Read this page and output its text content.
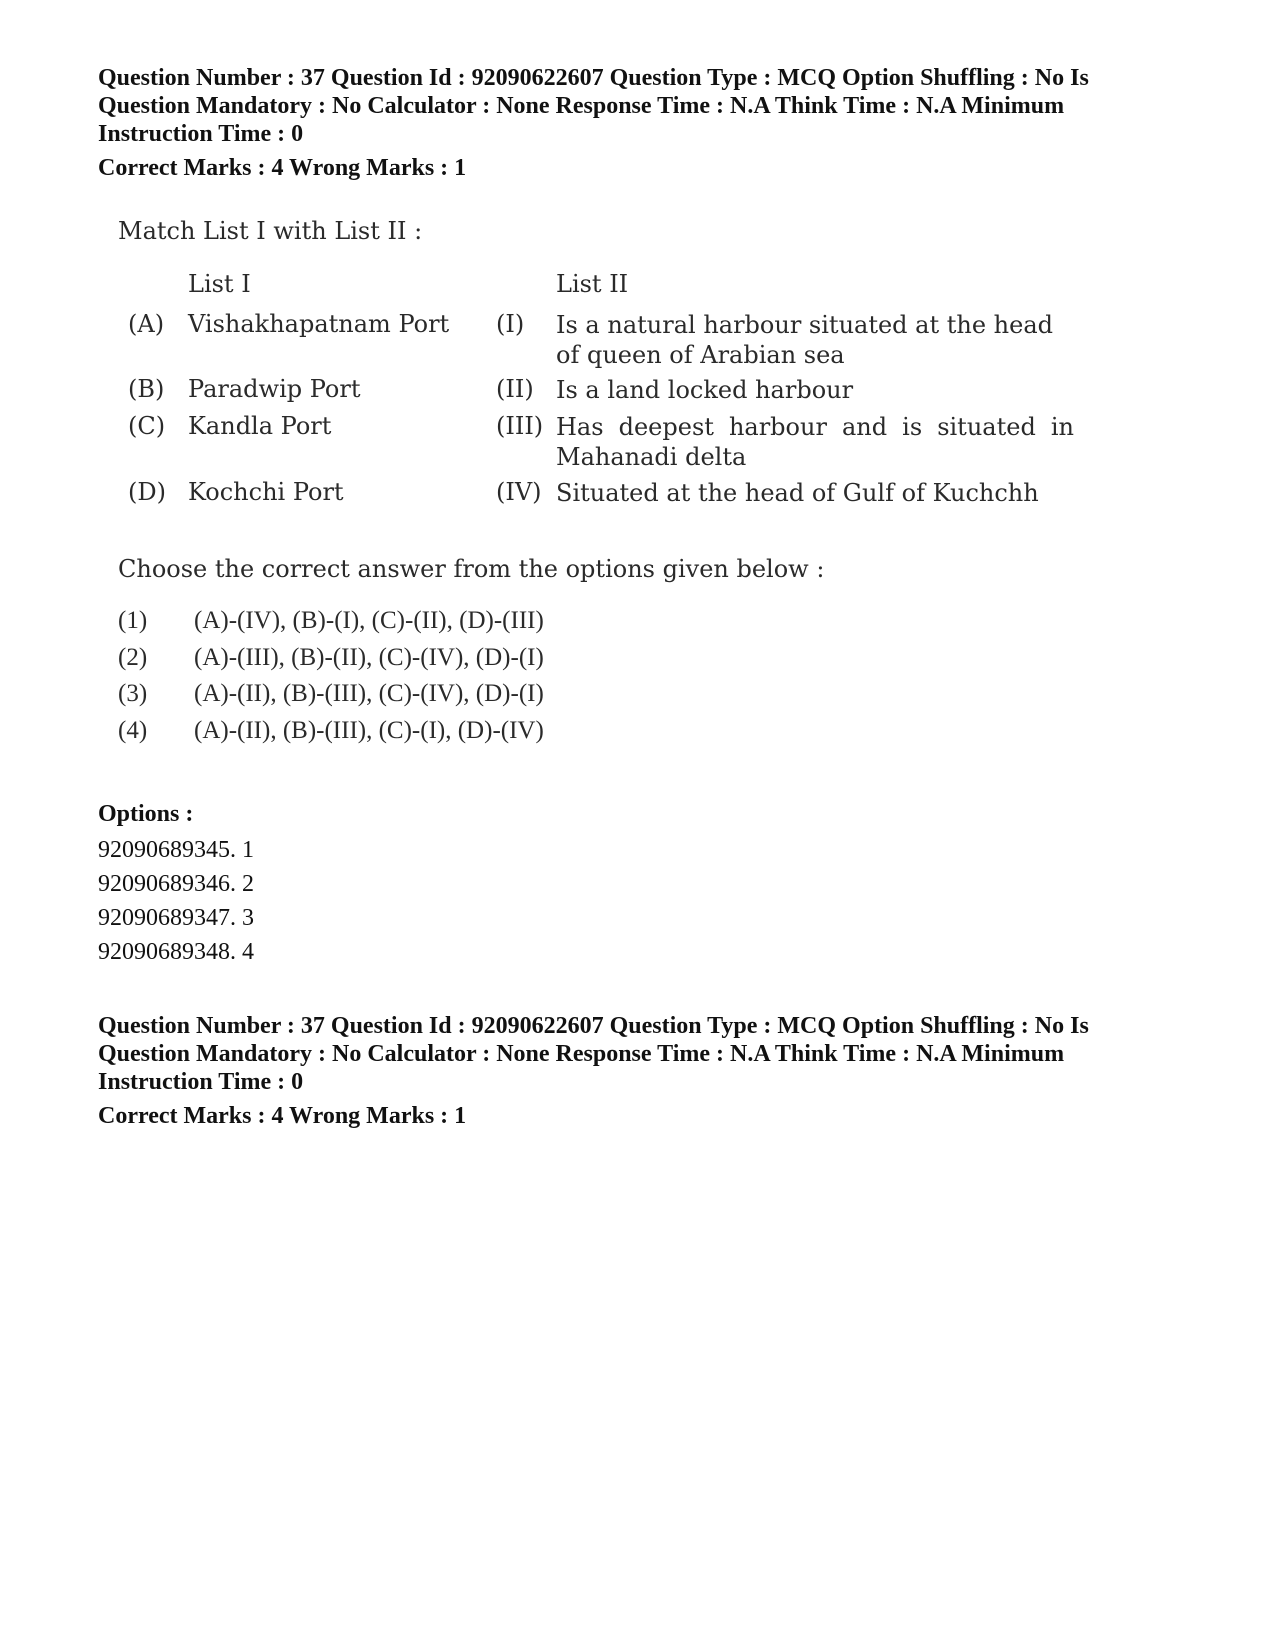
Question Number : 37 Question Id : 92090622607 Question Type : MCQ Option Shuffling : No Is
Question Mandatory : No Calculator : None Response Time : N.A Think Time : N.A Minimum
Instruction Time : 0
Correct Marks : 4 Wrong Marks : 1
Match List I with List II :
List I	List II
(A) Vishakhapatnam Port (I) Is a natural harbour situated at the head of queen of Arabian sea
(B) Paradwip Port	(II) Is a land locked harbour
(C) Kandla Port	(III) Has deepest harbour and is situated in Mahanadi delta
(D) Kochchi Port	(IV) Situated at the head of Gulf of Kuchchh
Choose the correct answer from the options given below :
(1) (A)-(IV), (B)-(I), (C)-(II), (D)-(III)
(2) (A)-(III), (B)-(II), (C)-(IV), (D)-(I)
(3) (A)-(II), (B)-(III), (C)-(IV), (D)-(I)
(4) (A)-(II), (B)-(III), (C)-(I), (D)-(IV)
Options :
92090689345. 1
92090689346. 2
92090689347. 3
92090689348. 4
Question Number : 37 Question Id : 92090622607 Question Type : MCQ Option Shuffling : No Is
Question Mandatory : No Calculator : None Response Time : N.A Think Time : N.A Minimum
Instruction Time : 0
Correct Marks : 4 Wrong Marks : 1
